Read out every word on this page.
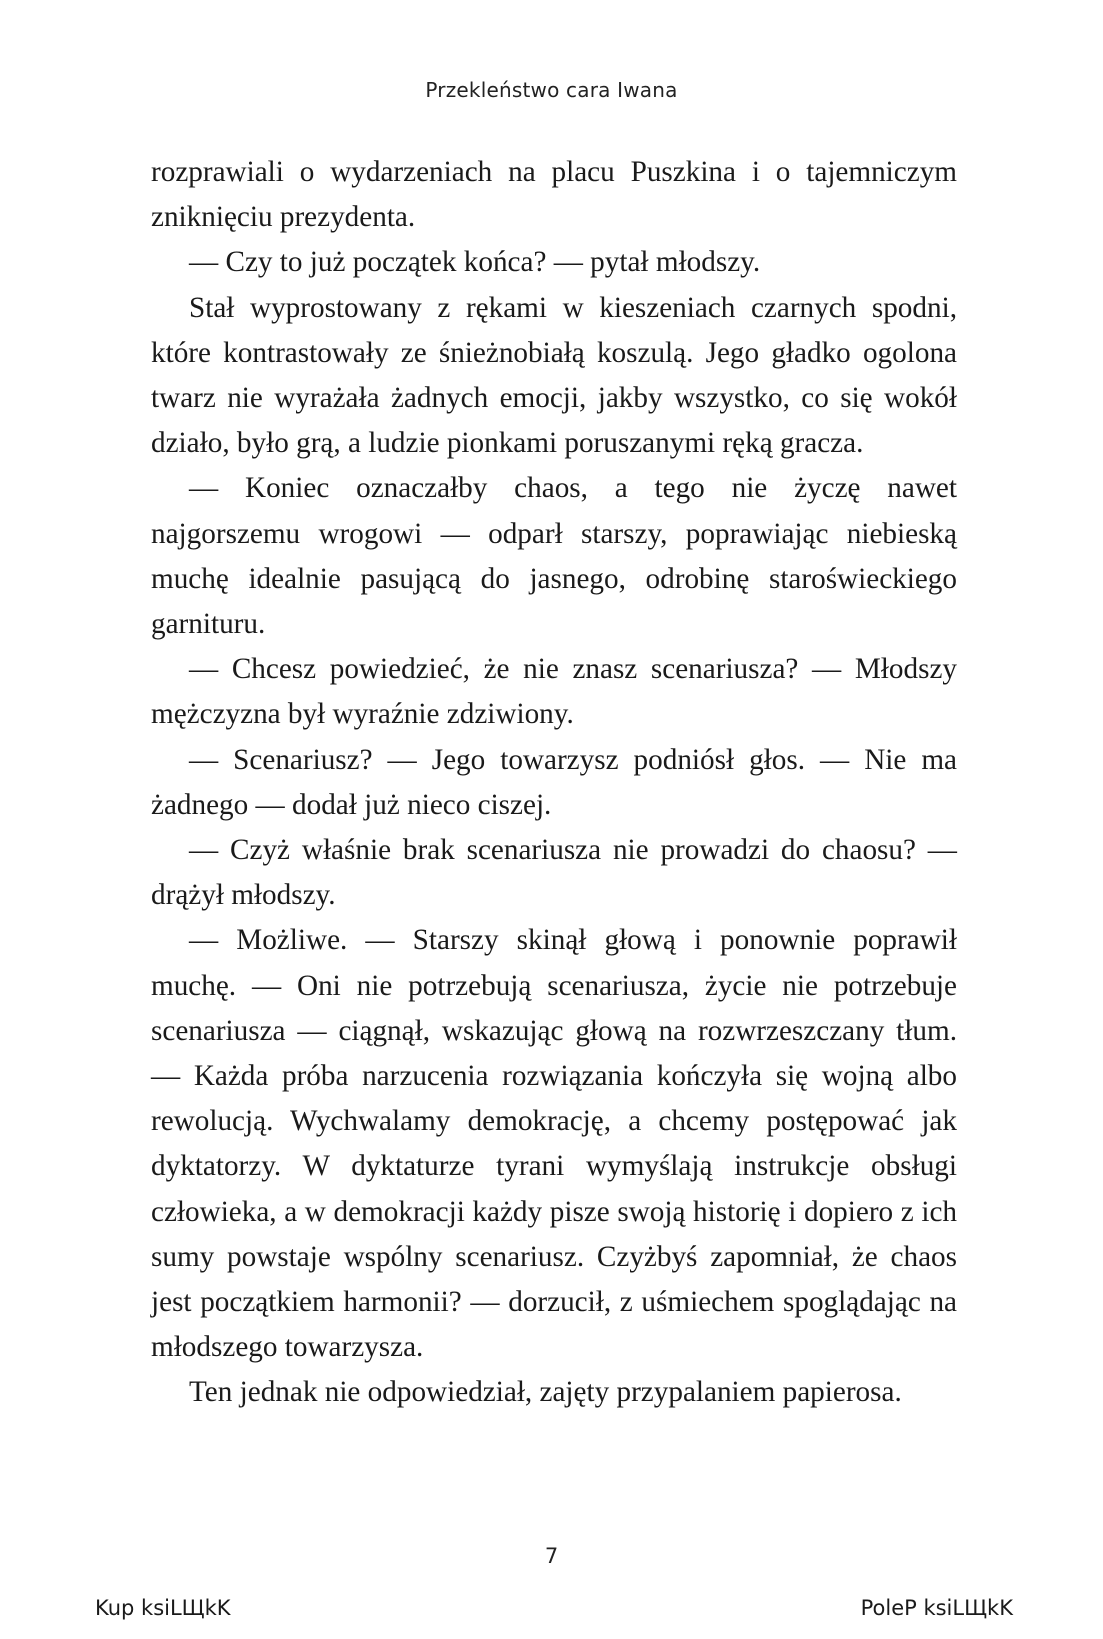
Przekleństwo cara Iwana

rozprawiali o wydarzeniach na placu Puszkina i o tajemniczym zniknięciu prezydenta.

— Czy to już początek końca? — pytał młodszy.

Stał wyprostowany z rękami w kieszeniach czarnych spodni, które kontrastowały ze śnieżnobiałą koszulą. Jego gładko ogolona twarz nie wyrażała żadnych emocji, jakby wszystko, co się wokół działo, było grą, a ludzie pionkami poruszanymi ręką gracza.

— Koniec oznaczałby chaos, a tego nie życzę nawet najgorszemu wrogowi — odparł starszy, poprawiając niebieską muchę idealnie pasującą do jasnego, odrobinę staroświeckiego garnituru.

— Chcesz powiedzieć, że nie znasz scenariusza? — Młodszy mężczyzna był wyraźnie zdziwiony.

— Scenariusz? — Jego towarzysz podniósł głos. — Nie ma żadnego — dodał już nieco ciszej.

— Czyż właśnie brak scenariusza nie prowadzi do chaosu? — drążył młodszy.

— Możliwe. — Starszy skinął głową i ponownie poprawił muchę. — Oni nie potrzebują scenariusza, życie nie potrzebuje scenariusza — ciągnął, wskazując głową na rozwrzeszczany tłum. — Każda próba narzucenia rozwiązania kończyła się wojną albo rewolucją. Wychwalamy demokrację, a chcemy postępować jak dyktatorzy. W dyktaturze tyrani wymyślają instrukcje obsługi człowieka, a w demokracji każdy pisze swoją historię i dopiero z ich sumy powstaje wspólny scenariusz. Czyżbyś zapomniał, że chaos jest początkiem harmonii? — dorzucił, z uśmiechem spoglądając na młodszego towarzysza.

Ten jednak nie odpowiedział, zajęty przypalaniem papierosa.

7
Kup ksiLЩkK	PoleP ksiLЩkK
